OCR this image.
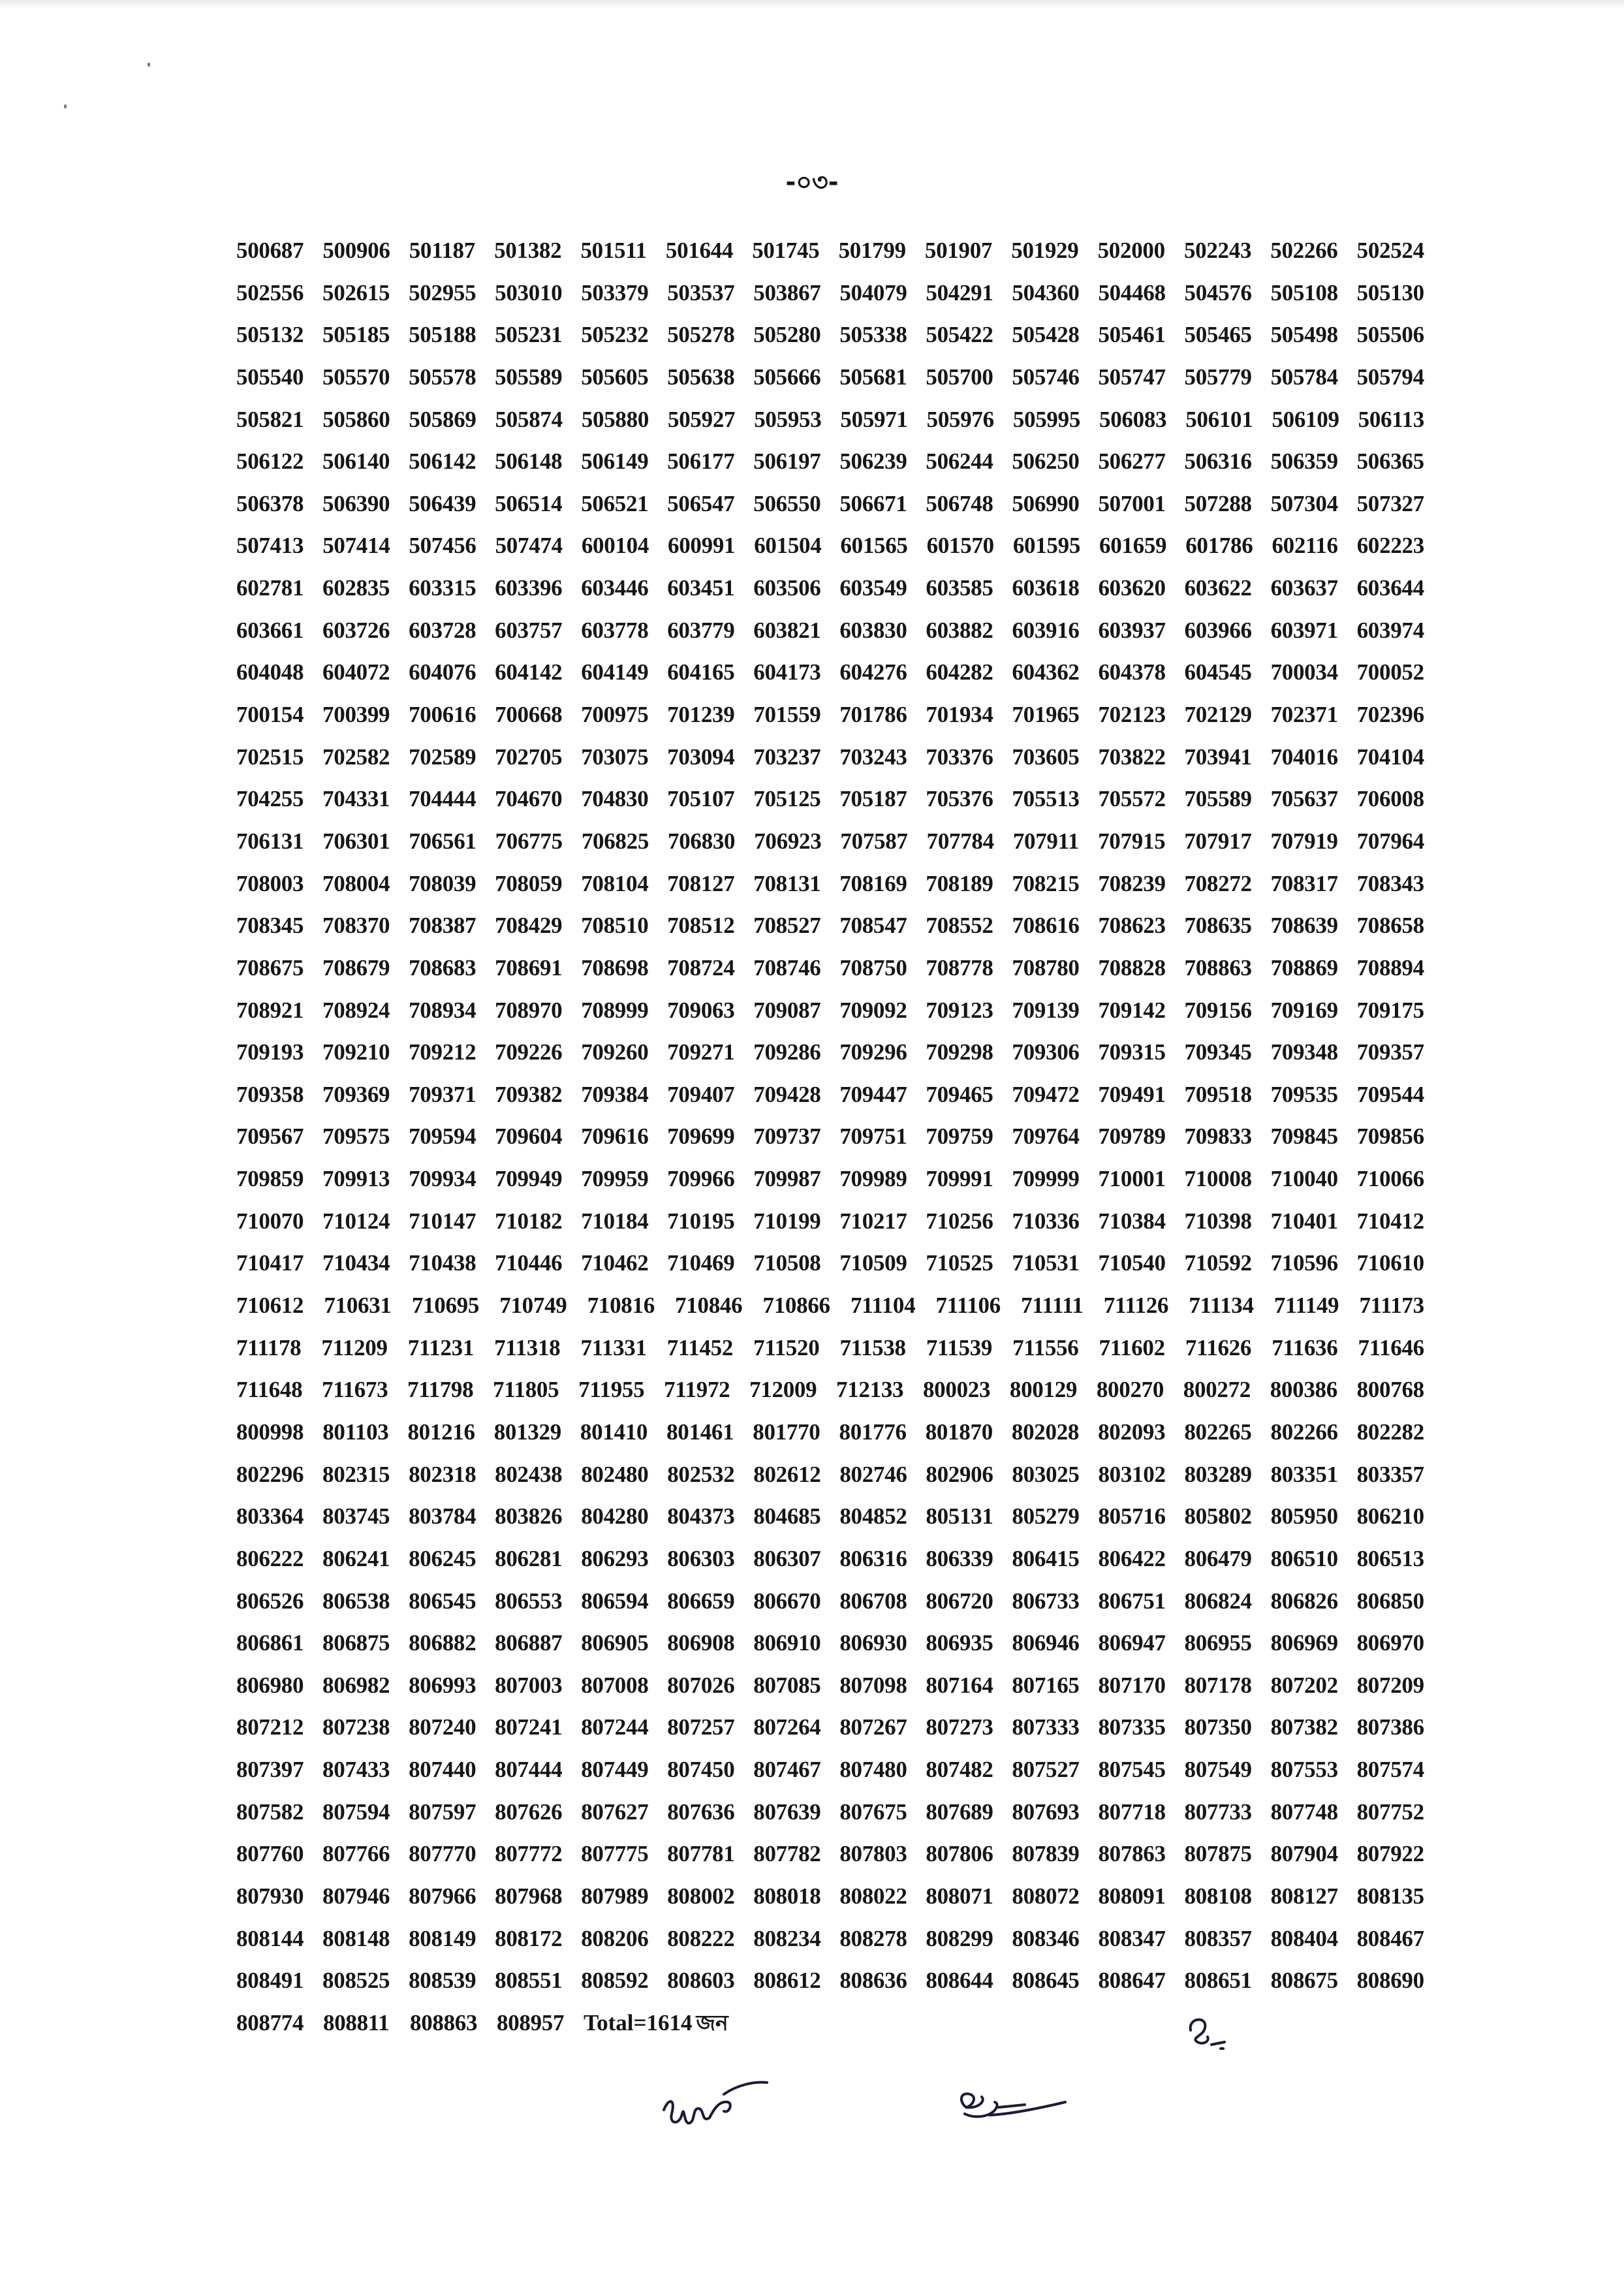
-০৩-
500687 500906 501187 501382 501511 501644 501745 501799 501907 501929 502000 502243 502266 502524
502556 502615 502955 503010 503379 503537 503867 504079 504291 504360 504468 504576 505108 505130
505132 505185 505188 505231 505232 505278 505280 505338 505422 505428 505461 505465 505498 505506
505540 505570 505578 505589 505605 505638 505666 505681 505700 505746 505747 505779 505784 505794
505821 505860 505869 505874 505880 505927 505953 505971 505976 505995 506083 506101 506109 506113
506122 506140 506142 506148 506149 506177 506197 506239 506244 506250 506277 506316 506359 506365
506378 506390 506439 506514 506521 506547 506550 506671 506748 506990 507001 507288 507304 507327
507413 507414 507456 507474 600104 600991 601504 601565 601570 601595 601659 601786 602116 602223
602781 602835 603315 603396 603446 603451 603506 603549 603585 603618 603620 603622 603637 603644
603661 603726 603728 603757 603778 603779 603821 603830 603882 603916 603937 603966 603971 603974
604048 604072 604076 604142 604149 604165 604173 604276 604282 604362 604378 604545 700034 700052
700154 700399 700616 700668 700975 701239 701559 701786 701934 701965 702123 702129 702371 702396
702515 702582 702589 702705 703075 703094 703237 703243 703376 703605 703822 703941 704016 704104
704255 704331 704444 704670 704830 705107 705125 705187 705376 705513 705572 705589 705637 706008
706131 706301 706561 706775 706825 706830 706923 707587 707784 707911 707915 707917 707919 707964
708003 708004 708039 708059 708104 708127 708131 708169 708189 708215 708239 708272 708317 708343
708345 708370 708387 708429 708510 708512 708527 708547 708552 708616 708623 708635 708639 708658
708675 708679 708683 708691 708698 708724 708746 708750 708778 708780 708828 708863 708869 708894
708921 708924 708934 708970 708999 709063 709087 709092 709123 709139 709142 709156 709169 709175
709193 709210 709212 709226 709260 709271 709286 709296 709298 709306 709315 709345 709348 709357
709358 709369 709371 709382 709384 709407 709428 709447 709465 709472 709491 709518 709535 709544
709567 709575 709594 709604 709616 709699 709737 709751 709759 709764 709789 709833 709845 709856
709859 709913 709934 709949 709959 709966 709987 709989 709991 709999 710001 710008 710040 710066
710070 710124 710147 710182 710184 710195 710199 710217 710256 710336 710384 710398 710401 710412
710417 710434 710438 710446 710462 710469 710508 710509 710525 710531 710540 710592 710596 710610
710612 710631 710695 710749 710816 710846 710866 711104 711106 711111 711126 711134 711149 711173
711178 711209 711231 711318 711331 711452 711520 711538 711539 711556 711602 711626 711636 711646
711648 711673 711798 711805 711955 711972 712009 712133 800023 800129 800270 800272 800386 800768
800998 801103 801216 801329 801410 801461 801770 801776 801870 802028 802093 802265 802266 802282
802296 802315 802318 802438 802480 802532 802612 802746 802906 803025 803102 803289 803351 803357
803364 803745 803784 803826 804280 804373 804685 804852 805131 805279 805716 805802 805950 806210
806222 806241 806245 806281 806293 806303 806307 806316 806339 806415 806422 806479 806510 806513
806526 806538 806545 806553 806594 806659 806670 806708 806720 806733 806751 806824 806826 806850
806861 806875 806882 806887 806905 806908 806910 806930 806935 806946 806947 806955 806969 806970
806980 806982 806993 807003 807008 807026 807085 807098 807164 807165 807170 807178 807202 807209
807212 807238 807240 807241 807244 807257 807264 807267 807273 807333 807335 807350 807382 807386
807397 807433 807440 807444 807449 807450 807467 807480 807482 807527 807545 807549 807553 807574
807582 807594 807597 807626 807627 807636 807639 807675 807689 807693 807718 807733 807748 807752
807760 807766 807770 807772 807775 807781 807782 807803 807806 807839 807863 807875 807904 807922
807930 807946 807966 807968 807989 808002 808018 808022 808071 808072 808091 808108 808127 808135
808144 808148 808149 808172 808206 808222 808234 808278 808299 808346 808347 808357 808404 808467
808491 808525 808539 808551 808592 808603 808612 808636 808644 808645 808647 808651 808675 808690
808774 808811 808863 808957 Total=1614 জন
